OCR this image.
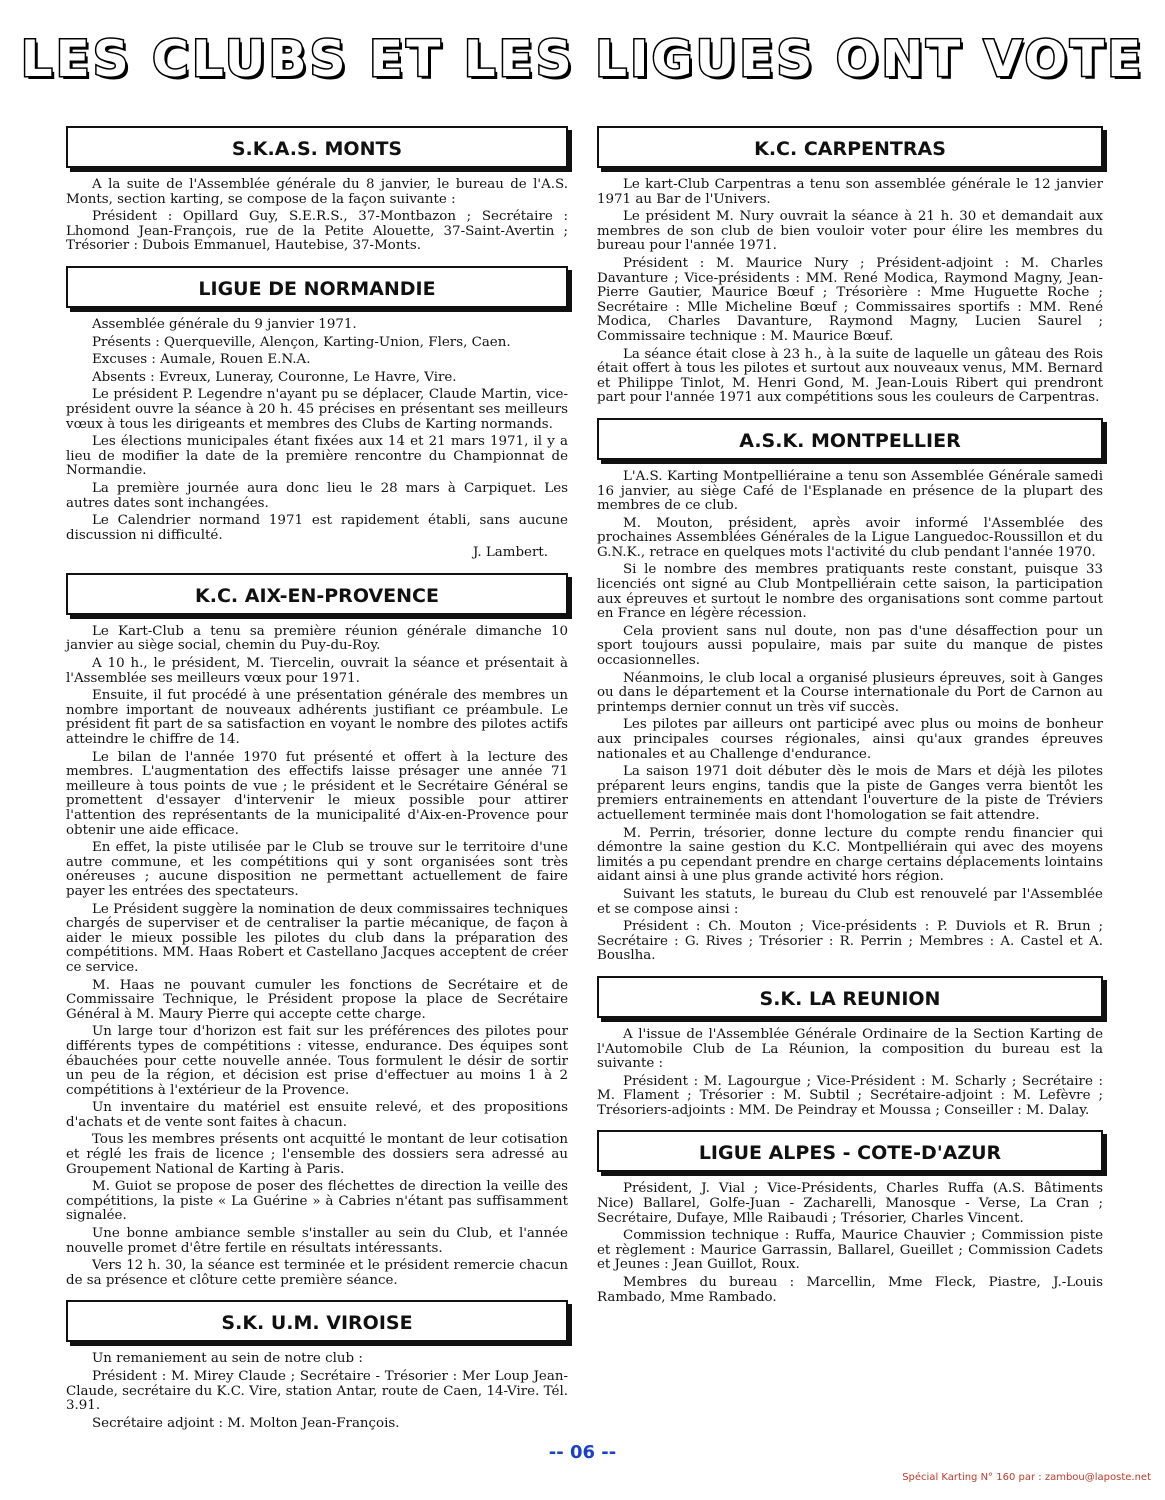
LES CLUBS ET LES LIGUES ONT VOTE
S.K.A.S. MONTS

A la suite de l'Assemblée générale du 8 janvier, le bureau de l'A.S. Monts, section karting, se compose de la façon suivante :

Président : Opillard Guy, S.E.R.S., 37-Montbazon ; Secrétaire : Lhomond Jean-François, rue de la Petite Alouette, 37-Saint-Avertin ; Trésorier : Dubois Emmanuel, Hautebise, 37-Monts.

LIGUE DE NORMANDIE

Assemblée générale du 9 janvier 1971.

Présents : Querqueville, Alençon, Karting-Union, Flers, Caen.

Excuses : Aumale, Rouen E.N.A.

Absents : Evreux, Luneray, Couronne, Le Havre, Vire.

Le président P. Legendre n'ayant pu se déplacer, Claude Martin, vice-président ouvre la séance à 20 h. 45 précises en présentant ses meilleurs vœux à tous les dirigeants et membres des Clubs de Karting normands.

Les élections municipales étant fixées aux 14 et 21 mars 1971, il y a lieu de modifier la date de la première rencontre du Championnat de Normandie.

La première journée aura donc lieu le 28 mars à Carpiquet. Les autres dates sont inchangées.

Le Calendrier normand 1971 est rapidement établi, sans aucune discussion ni difficulté.

J. Lambert.

K.C. AIX-EN-PROVENCE

Le Kart-Club a tenu sa première réunion générale dimanche 10 janvier au siège social, chemin du Puy-du-Roy.

A 10 h., le président, M. Tiercelin, ouvrait la séance et présentait à l'Assemblée ses meilleurs vœux pour 1971.

Ensuite, il fut procédé à une présentation générale des membres un nombre important de nouveaux adhérents justifiant ce préambule. Le président fit part de sa satisfaction en voyant le nombre des pilotes actifs atteindre le chiffre de 14.

Le bilan de l'année 1970 fut présenté et offert à la lecture des membres. L'augmentation des effectifs laisse présager une année 71 meilleure à tous points de vue ; le président et le Secrétaire Général se promettent d'essayer d'intervenir le mieux possible pour attirer l'attention des représentants de la municipalité d'Aix-en-Provence pour obtenir une aide efficace.

En effet, la piste utilisée par le Club se trouve sur le territoire d'une autre commune, et les compétitions qui y sont organisées sont très onéreuses ; aucune disposition ne permettant actuellement de faire payer les entrées des spectateurs.

Le Président suggère la nomination de deux commissaires techniques chargés de superviser et de centraliser la partie mécanique, de façon à aider le mieux possible les pilotes du club dans la préparation des compétitions. MM. Haas Robert et Castellano Jacques acceptent de créer ce service.

M. Haas ne pouvant cumuler les fonctions de Secrétaire et de Commissaire Technique, le Président propose la place de Secrétaire Général à M. Maury Pierre qui accepte cette charge.

Un large tour d'horizon est fait sur les préférences des pilotes pour différents types de compétitions : vitesse, endurance. Des équipes sont ébauchées pour cette nouvelle année. Tous formulent le désir de sortir un peu de la région, et décision est prise d'effectuer au moins 1 à 2 compétitions à l'extérieur de la Provence.

Un inventaire du matériel est ensuite relevé, et des propositions d'achats et de vente sont faites à chacun.

Tous les membres présents ont acquitté le montant de leur cotisation et réglé les frais de licence ; l'ensemble des dossiers sera adressé au Groupement National de Karting à Paris.

M. Guiot se propose de poser des fléchettes de direction la veille des compétitions, la piste « La Guérine » à Cabries n'étant pas suffisamment signalée.

Une bonne ambiance semble s'installer au sein du Club, et l'année nouvelle promet d'être fertile en résultats intéressants.

Vers 12 h. 30, la séance est terminée et le président remercie chacun de sa présence et clôture cette première séance.

S.K. U.M. VIROISE

Un remaniement au sein de notre club :

Président : M. Mirey Claude ; Secrétaire - Trésorier : Mer Loup Jean-Claude, secrétaire du K.C. Vire, station Antar, route de Caen, 14-Vire. Tél. 3.91.

Secrétaire adjoint : M. Molton Jean-François.

K.C. CARPENTRAS

Le kart-Club Carpentras a tenu son assemblée générale le 12 janvier 1971 au Bar de l'Univers.

Le président M. Nury ouvrait la séance à 21 h. 30 et demandait aux membres de son club de bien vouloir voter pour élire les membres du bureau pour l'année 1971.

Président : M. Maurice Nury ; Président-adjoint : M. Charles Davanture ; Vice-présidents : MM. René Modica, Raymond Magny, Jean-Pierre Gautier, Maurice Bœuf ; Trésorière : Mme Huguette Roche ; Secrétaire : Mlle Micheline Bœuf ; Commissaires sportifs : MM. René Modica, Charles Davanture, Raymond Magny, Lucien Saurel ; Commissaire technique : M. Maurice Bœuf.

La séance était close à 23 h., à la suite de laquelle un gâteau des Rois était offert à tous les pilotes et surtout aux nouveaux venus, MM. Bernard et Philippe Tinlot, M. Henri Gond, M. Jean-Louis Ribert qui prendront part pour l'année 1971 aux compétitions sous les couleurs de Carpentras.

A.S.K. MONTPELLIER

L'A.S. Karting Montpelliéraine a tenu son Assemblée Générale samedi 16 janvier, au siège Café de l'Esplanade en présence de la plupart des membres de ce club.

M. Mouton, président, après avoir informé l'Assemblée des prochaines Assemblées Générales de la Ligue Languedoc-Roussillon et du G.N.K., retrace en quelques mots l'activité du club pendant l'année 1970.

Si le nombre des membres pratiquants reste constant, puisque 33 licenciés ont signé au Club Montpelliérain cette saison, la participation aux épreuves et surtout le nombre des organisations sont comme partout en France en légère récession.

Cela provient sans nul doute, non pas d'une désaffection pour un sport toujours aussi populaire, mais par suite du manque de pistes occasionnelles.

Néanmoins, le club local a organisé plusieurs épreuves, soit à Ganges ou dans le département et la Course internationale du Port de Carnon au printemps dernier connut un très vif succès.

Les pilotes par ailleurs ont participé avec plus ou moins de bonheur aux principales courses régionales, ainsi qu'aux grandes épreuves nationales et au Challenge d'endurance.

La saison 1971 doit débuter dès le mois de Mars et déjà les pilotes préparent leurs engins, tandis que la piste de Ganges verra bientôt les premiers entrainements en attendant l'ouverture de la piste de Tréviers actuellement terminée mais dont l'homologation se fait attendre.

M. Perrin, trésorier, donne lecture du compte rendu financier qui démontre la saine gestion du K.C. Montpelliérain qui avec des moyens limités a pu cependant prendre en charge certains déplacements lointains aidant ainsi à une plus grande activité hors région.

Suivant les statuts, le bureau du Club est renouvelé par l'Assemblée et se compose ainsi :

Président : Ch. Mouton ; Vice-présidents : P. Duviols et R. Brun ; Secrétaire : G. Rives ; Trésorier : R. Perrin ; Membres : A. Castel et A. Bouslha.

S.K. LA REUNION

A l'issue de l'Assemblée Générale Ordinaire de la Section Karting de l'Automobile Club de La Réunion, la composition du bureau est la suivante :

Président : M. Lagourgue ; Vice-Président : M. Scharly ; Secrétaire : M. Flament ; Trésorier : M. Subtil ; Secrétaire-adjoint : M. Lefèvre ; Trésoriers-adjoints : MM. De Peindray et Moussa ; Conseiller : M. Dalay.

LIGUE ALPES - COTE-D'AZUR

Président, J. Vial ; Vice-Présidents, Charles Ruffa (A.S. Bâtiments Nice) Ballarel, Golfe-Juan - Zacharelli, Manosque - Verse, La Cran ; Secrétaire, Dufaye, Mlle Raibaudi ; Trésorier, Charles Vincent.

Commission technique : Ruffa, Maurice Chauvier ; Commission piste et règlement : Maurice Garrassin, Ballarel, Gueillet ; Commission Cadets et Jeunes : Jean Guillot, Roux.

Membres du bureau : Marcellin, Mme Fleck, Piastre, J.-Louis Rambado, Mme Rambado.

-- 06 --
Spécial Karting N° 160 par : zambou@laposte.net
